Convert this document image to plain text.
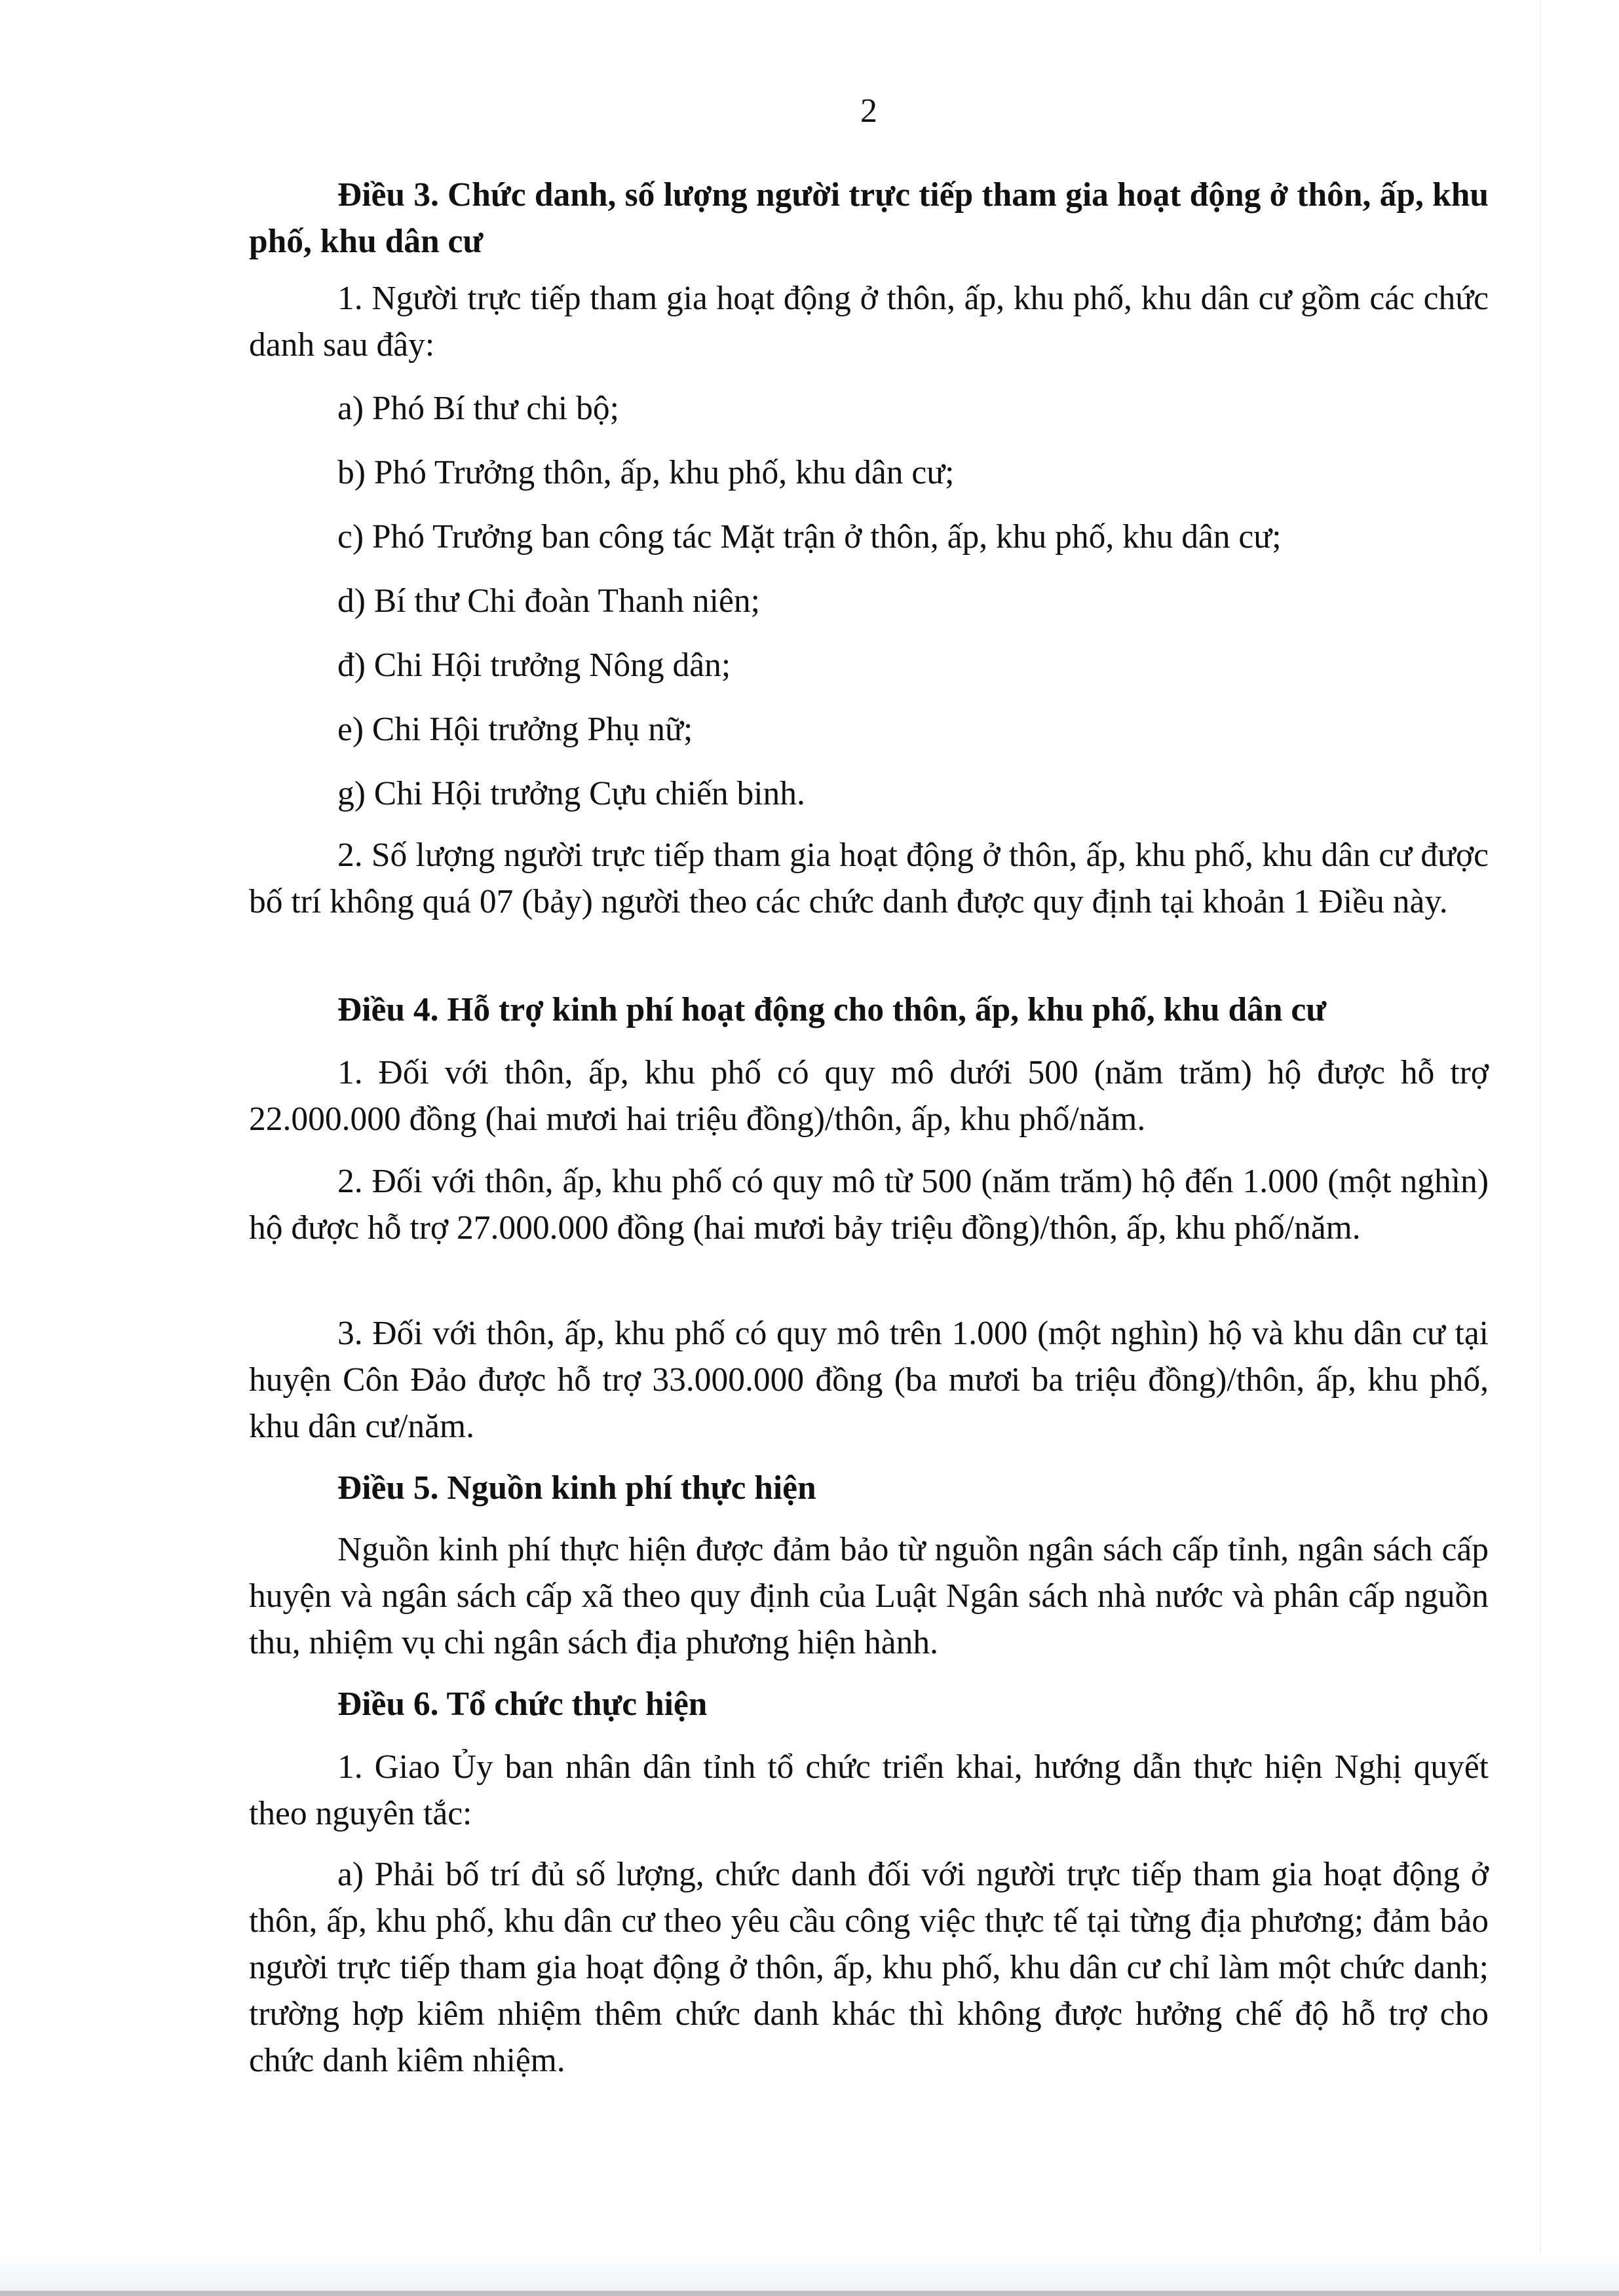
2

Điều 3. Chức danh, số lượng người trực tiếp tham gia hoạt động ở thôn, ấp, khu phố, khu dân cư

1. Người trực tiếp tham gia hoạt động ở thôn, ấp, khu phố, khu dân cư gồm các chức danh sau đây:

a) Phó Bí thư chi bộ;

b) Phó Trưởng thôn, ấp, khu phố, khu dân cư;

c) Phó Trưởng ban công tác Mặt trận ở thôn, ấp, khu phố, khu dân cư;

d) Bí thư Chi đoàn Thanh niên;

đ) Chi Hội trưởng Nông dân;

e) Chi Hội trưởng Phụ nữ;

g) Chi Hội trưởng Cựu chiến binh.

2. Số lượng người trực tiếp tham gia hoạt động ở thôn, ấp, khu phố, khu dân cư được bố trí không quá 07 (bảy) người theo các chức danh được quy định tại khoản 1 Điều này.

Điều 4. Hỗ trợ kinh phí hoạt động cho thôn, ấp, khu phố, khu dân cư

1. Đối với thôn, ấp, khu phố có quy mô dưới 500 (năm trăm) hộ được hỗ trợ 22.000.000 đồng (hai mươi hai triệu đồng)/thôn, ấp, khu phố/năm.

2. Đối với thôn, ấp, khu phố có quy mô từ 500 (năm trăm) hộ đến 1.000 (một nghìn) hộ được hỗ trợ 27.000.000 đồng (hai mươi bảy triệu đồng)/thôn, ấp, khu phố/năm.

3. Đối với thôn, ấp, khu phố có quy mô trên 1.000 (một nghìn) hộ và khu dân cư tại huyện Côn Đảo được hỗ trợ 33.000.000 đồng (ba mươi ba triệu đồng)/thôn, ấp, khu phố, khu dân cư/năm.

Điều 5. Nguồn kinh phí thực hiện

Nguồn kinh phí thực hiện được đảm bảo từ nguồn ngân sách cấp tỉnh, ngân sách cấp huyện và ngân sách cấp xã theo quy định của Luật Ngân sách nhà nước và phân cấp nguồn thu, nhiệm vụ chi ngân sách địa phương hiện hành.

Điều 6. Tổ chức thực hiện

1. Giao Ủy ban nhân dân tỉnh tổ chức triển khai, hướng dẫn thực hiện Nghị quyết theo nguyên tắc:

a) Phải bố trí đủ số lượng, chức danh đối với người trực tiếp tham gia hoạt động ở thôn, ấp, khu phố, khu dân cư theo yêu cầu công việc thực tế tại từng địa phương; đảm bảo người trực tiếp tham gia hoạt động ở thôn, ấp, khu phố, khu dân cư chỉ làm một chức danh; trường hợp kiêm nhiệm thêm chức danh khác thì không được hưởng chế độ hỗ trợ cho chức danh kiêm nhiệm.
